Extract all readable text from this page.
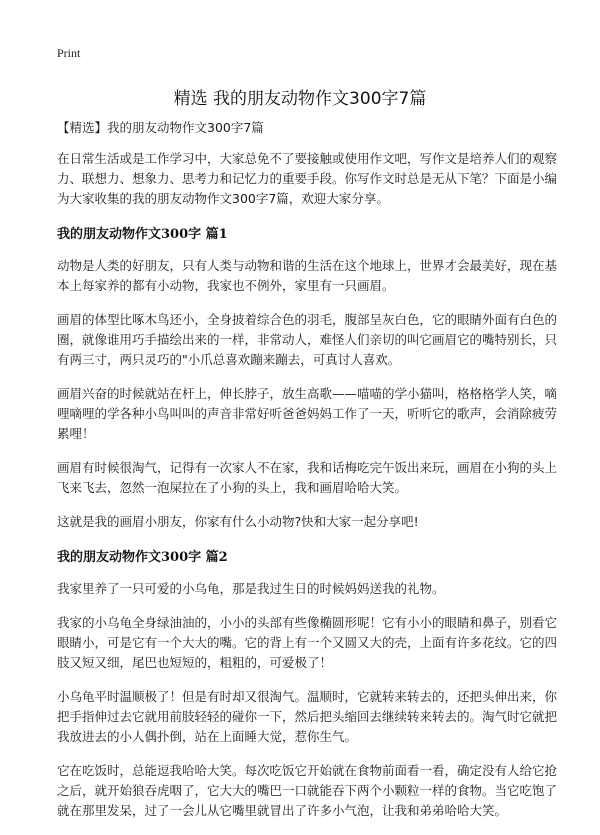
Print
精选 我的朋友动物作文300字7篇

【精选】我的朋友动物作文300字7篇

在日常生活或是工作学习中，大家总免不了要接触或使用作文吧，写作文是培养人们的观察力、联想力、想象力、思考力和记忆力的重要手段。你写作文时总是无从下笔？下面是小编为大家收集的我的朋友动物作文300字7篇，欢迎大家分享。

我的朋友动物作文300字 篇1

动物是人类的好朋友，只有人类与动物和谐的生活在这个地球上，世界才会最美好，现在基本上每家养的都有小动物，我家也不例外，家里有一只画眉。

画眉的体型比啄木鸟还小，全身披着综合色的羽毛，腹部呈灰白色，它的眼睛外面有白色的圈，就像谁用巧手描绘出来的一样，非常动人，难怪人们亲切的叫它画眉它的嘴特别长，只有两三寸，两只灵巧的"小爪总喜欢蹦来蹦去，可真讨人喜欢。

画眉兴奋的时候就站在杆上，伸长脖子，放生高歌——喵喵的学小猫叫，格格格学人笑，嘀哩嘀哩的学各种小鸟叫叫的声音非常好听爸爸妈妈工作了一天，听听它的歌声，会消除疲劳累哩！

画眉有时候很淘气，记得有一次家人不在家，我和话梅吃完午饭出来玩，画眉在小狗的头上飞来飞去，忽然一泡屎拉在了小狗的头上，我和画眉哈哈大笑。

这就是我的画眉小朋友，你家有什么小动物?快和大家一起分享吧!

我的朋友动物作文300字 篇2

我家里养了一只可爱的小乌龟，那是我过生日的时候妈妈送我的礼物。

我家的小乌龟全身绿油油的，小小的头部有些像椭圆形呢！它有小小的眼睛和鼻子，别看它眼睛小，可是它有一个大大的嘴。它的背上有一个又圆又大的壳，上面有许多花纹。它的四肢又短又细，尾巴也短短的，粗粗的，可爱极了！

小乌龟平时温顺极了！但是有时却又很淘气。温顺时，它就转来转去的，还把头伸出来，你把手指伸过去它就用前肢轻轻的碰你一下，然后把头缩回去继续转来转去的。淘气时它就把我放进去的小人偶扑倒，站在上面睡大觉，惹你生气。

它在吃饭时，总能逗我哈哈大笑。每次吃饭它开始就在食物前面看一看，确定没有人给它抢之后，就开始狼吞虎咽了，它大大的嘴巴一口就能吞下两个小颗粒一样的食物。当它吃饱了就在那里发呆，过了一会儿从它嘴里就冒出了许多小气泡，让我和弟弟哈哈大笑。
